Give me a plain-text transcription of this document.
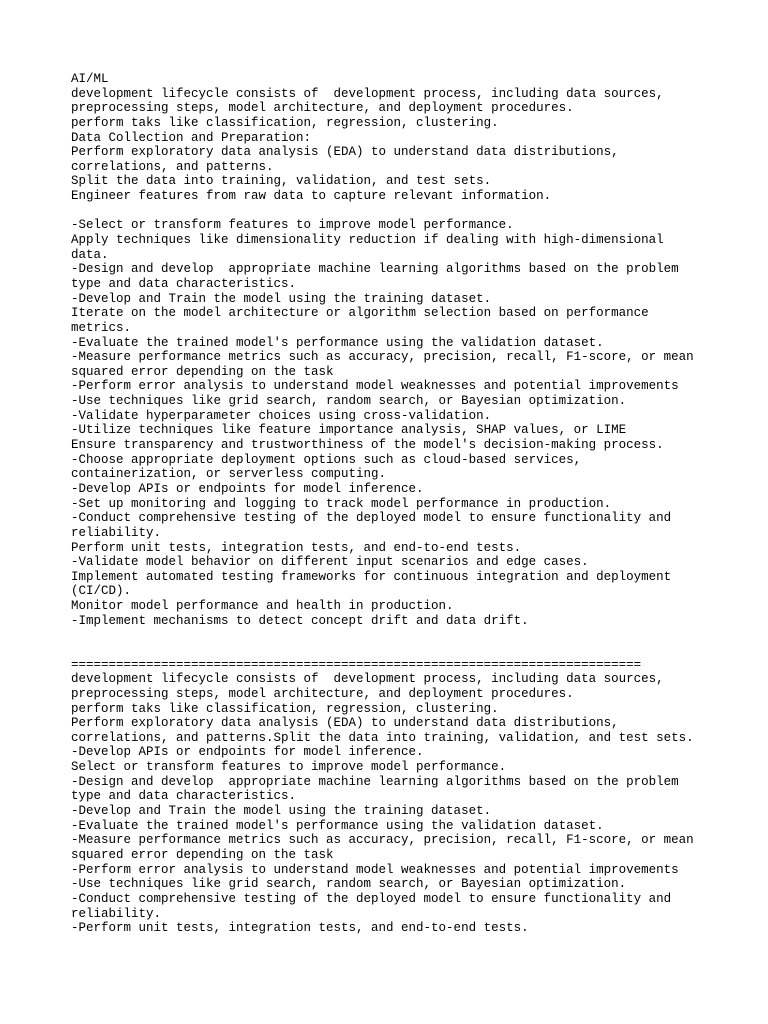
AI/ML
development lifecycle consists of  development process, including data sources,
preprocessing steps, model architecture, and deployment procedures.
perform taks like classification, regression, clustering.
Data Collection and Preparation:
Perform exploratory data analysis (EDA) to understand data distributions,
correlations, and patterns.
Split the data into training, validation, and test sets.
Engineer features from raw data to capture relevant information.
-Select or transform features to improve model performance.
Apply techniques like dimensionality reduction if dealing with high-dimensional
data.
-Design and develop  appropriate machine learning algorithms based on the problem
type and data characteristics.
-Develop and Train the model using the training dataset.
Iterate on the model architecture or algorithm selection based on performance
metrics.
-Evaluate the trained model's performance using the validation dataset.
-Measure performance metrics such as accuracy, precision, recall, F1-score, or mean
squared error depending on the task
-Perform error analysis to understand model weaknesses and potential improvements
-Use techniques like grid search, random search, or Bayesian optimization.
-Validate hyperparameter choices using cross-validation.
-Utilize techniques like feature importance analysis, SHAP values, or LIME
Ensure transparency and trustworthiness of the model's decision-making process.
-Choose appropriate deployment options such as cloud-based services,
containerization, or serverless computing.
-Develop APIs or endpoints for model inference.
-Set up monitoring and logging to track model performance in production.
-Conduct comprehensive testing of the deployed model to ensure functionality and
reliability.
Perform unit tests, integration tests, and end-to-end tests.
-Validate model behavior on different input scenarios and edge cases.
Implement automated testing frameworks for continuous integration and deployment
(CI/CD).
Monitor model performance and health in production.
-Implement mechanisms to detect concept drift and data drift.
============================================================================
development lifecycle consists of  development process, including data sources,
preprocessing steps, model architecture, and deployment procedures.
perform taks like classification, regression, clustering.
Perform exploratory data analysis (EDA) to understand data distributions,
correlations, and patterns.Split the data into training, validation, and test sets.
-Develop APIs or endpoints for model inference.
Select or transform features to improve model performance.
-Design and develop  appropriate machine learning algorithms based on the problem
type and data characteristics.
-Develop and Train the model using the training dataset.
-Evaluate the trained model's performance using the validation dataset.
-Measure performance metrics such as accuracy, precision, recall, F1-score, or mean
squared error depending on the task
-Perform error analysis to understand model weaknesses and potential improvements
-Use techniques like grid search, random search, or Bayesian optimization.
-Conduct comprehensive testing of the deployed model to ensure functionality and
reliability.
-Perform unit tests, integration tests, and end-to-end tests.
